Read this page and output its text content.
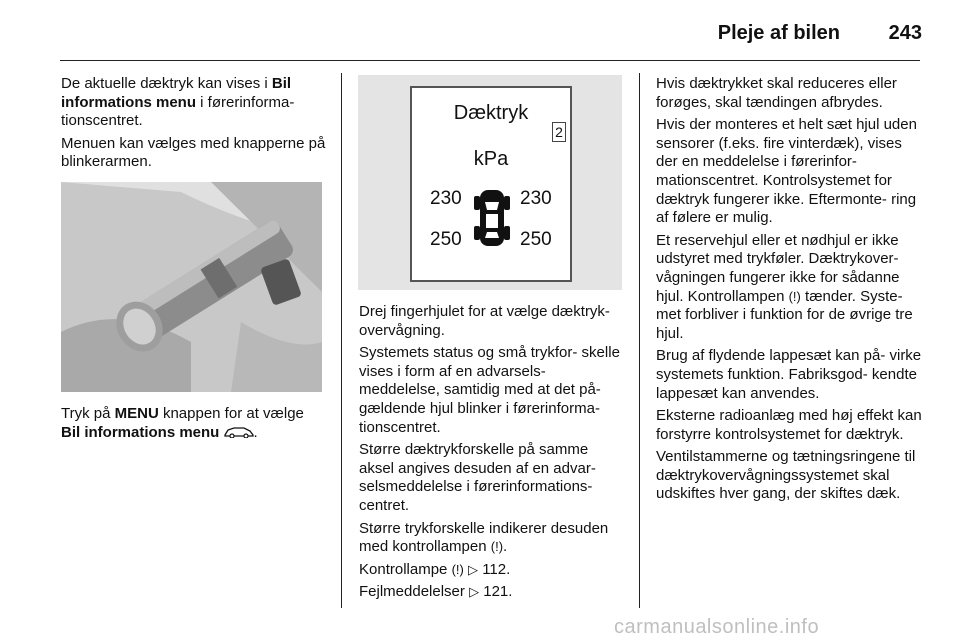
Pleje af bilen	243

De aktuelle dæktryk kan vises i Bil informations menu i førerinforma- tionscentret.

Menuen kan vælges med knapperne på blinkerarmen.

Tryk på MENU knappen for at vælge Bil informations menu .

Dæktryk
2
kPa
230	230
250	250

Drej fingerhjulet for at vælge dæktryk- overvågning.

Systemets status og små trykfor- skelle vises i form af en advarsels- meddelelse, samtidig med at det på- gældende hjul blinker i førerinforma- tionscentret.

Større dæktrykforskelle på samme aksel angives desuden af en advar- selsmeddelelse i førerinformations- centret.

Større trykforskelle indikerer desuden med kontrollampen (!).

Kontrollampe (!) ▷ 112.

Fejlmeddelelser ▷ 121.

Hvis dæktrykket skal reduceres eller forøges, skal tændingen afbrydes.

Hvis der monteres et helt sæt hjul uden sensorer (f.eks. fire vinterdæk), vises der en meddelelse i førerinfor- mationscentret. Kontrolsystemet for dæktryk fungerer ikke. Eftermonte- ring af følere er mulig.

Et reservehjul eller et nødhjul er ikke udstyret med trykføler. Dæktrykover- vågningen fungerer ikke for sådanne hjul. Kontrollampen (!) tænder. Syste- met forbliver i funktion for de øvrige tre hjul.

Brug af flydende lappesæt kan på- virke systemets funktion. Fabriksgod- kendte lappesæt kan anvendes.

Eksterne radioanlæg med høj effekt kan forstyrre kontrolsystemet for dæktryk.

Ventilstammerne og tætningsringene til dæktrykovervågningssystemet skal udskiftes hver gang, der skiftes dæk.

carmanualsonline.info
